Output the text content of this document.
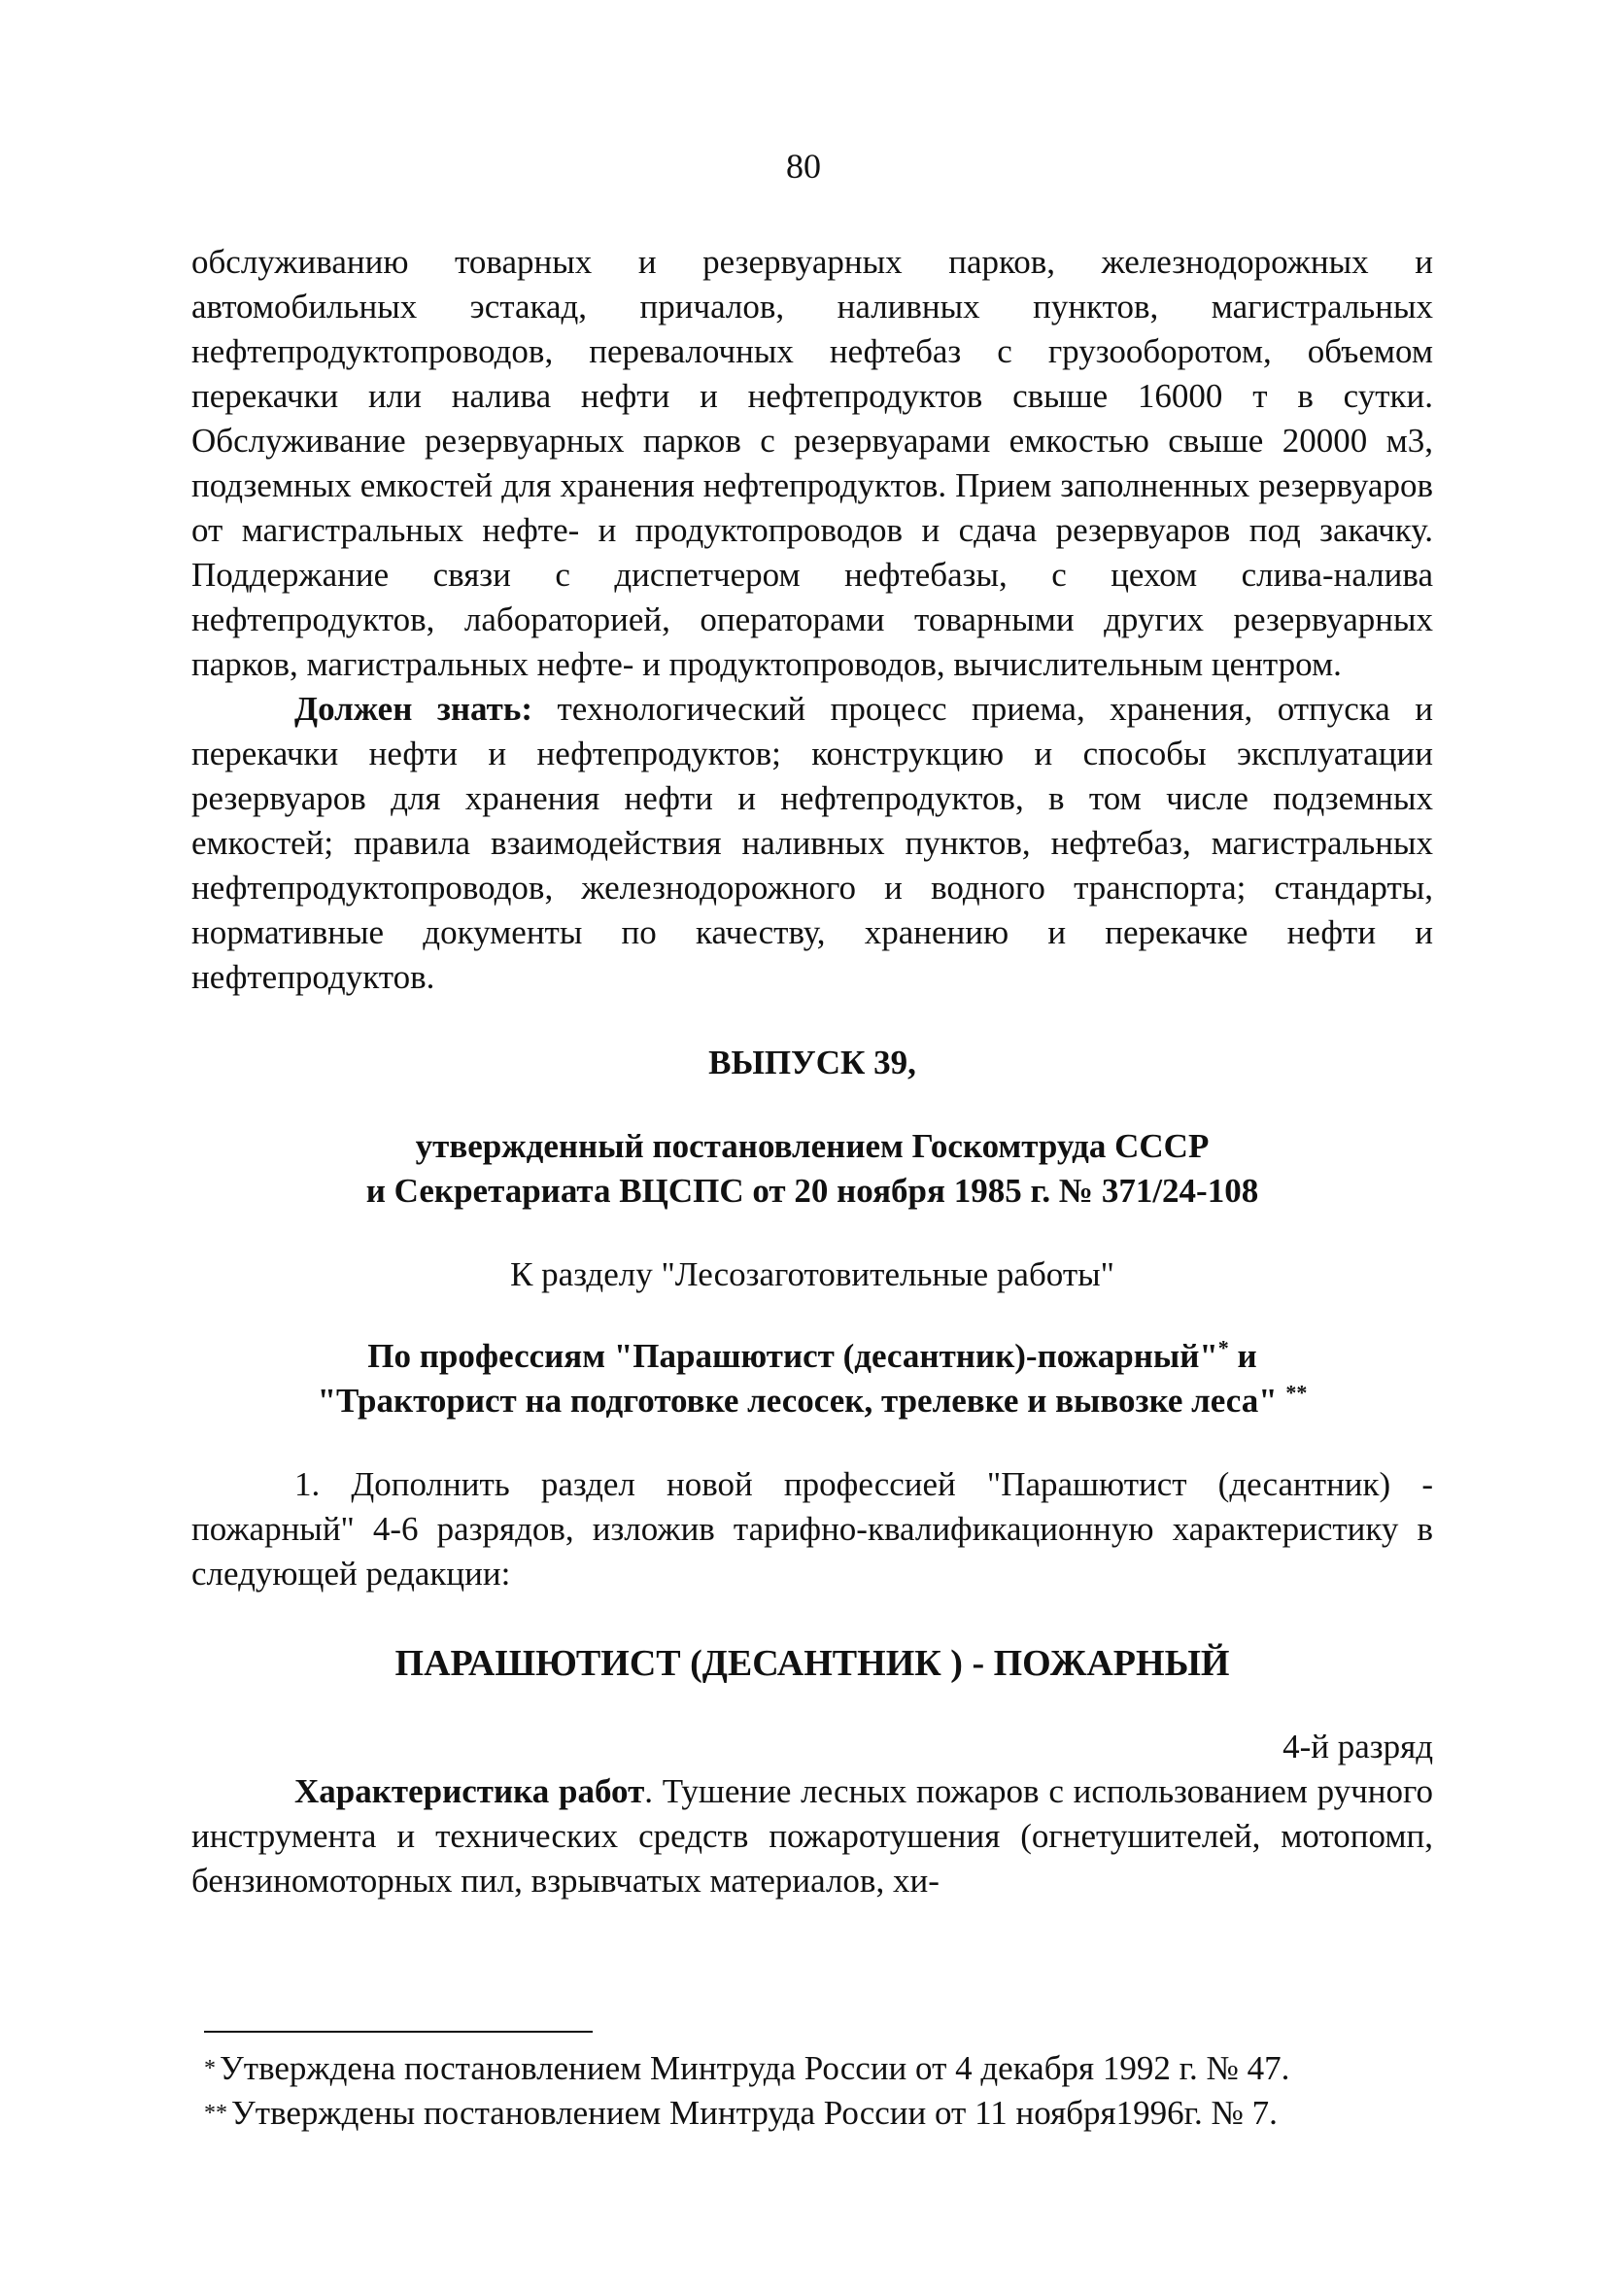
80

обслуживанию товарных и резервуарных парков, железнодорожных и автомобильных эстакад, причалов, наливных пунктов, магистральных нефтепродуктопроводов, перевалочных нефтебаз с грузооборотом, объемом перекачки или налива нефти и нефтепродуктов свыше 16000 т в сутки. Обслуживание резервуарных парков с резервуарами емкостью свыше 20000 м3, подземных емкостей для хранения нефтепродуктов. Прием заполненных резервуаров от магистральных нефте- и продуктопроводов и сдача резервуаров под закачку. Поддержание связи с диспетчером нефтебазы, с цехом слива-налива нефтепродуктов, лабораторией, операторами товарными других резервуарных парков, магистральных нефте- и продуктопроводов, вычислительным центром.

Должен знать: технологический процесс приема, хранения, отпуска и перекачки нефти и нефтепродуктов; конструкцию и способы эксплуатации резервуаров для хранения нефти и нефтепродуктов, в том числе подземных емкостей; правила взаимодействия наливных пунктов, нефтебаз, магистральных нефтепродуктопроводов, железнодорожного и водного транспорта; стандарты, нормативные документы по качеству, хранению и перекачке нефти и нефтепродуктов.

ВЫПУСК 39,

утвержденный постановлением Госкомтруда СССР

и Секретариата ВЦСПС от 20 ноября 1985 г. № 371/24-108

К разделу "Лесозаготовительные работы"

По профессиям "Парашютист (десантник)-пожарный"* и

"Тракторист на подготовке лесосек, трелевке и вывозке леса" **

1. Дополнить раздел новой профессией "Парашютист (десантник) - пожарный" 4-6 разрядов, изложив тарифно-квалификационную характеристику в следующей редакции:

ПАРАШЮТИСТ (ДЕСАНТНИК ) - ПОЖАРНЫЙ

4-й разряд

Характеристика работ. Тушение лесных пожаров с использованием ручного инструмента и технических средств пожаротушения (огнетушителей, мотопомп, бензиномоторных пил, взрывчатых материалов, хи-

* Утверждена постановлением Минтруда России от 4 декабря 1992 г. № 47.

** Утверждены постановлением Минтруда России от 11 ноября1996г. № 7.
